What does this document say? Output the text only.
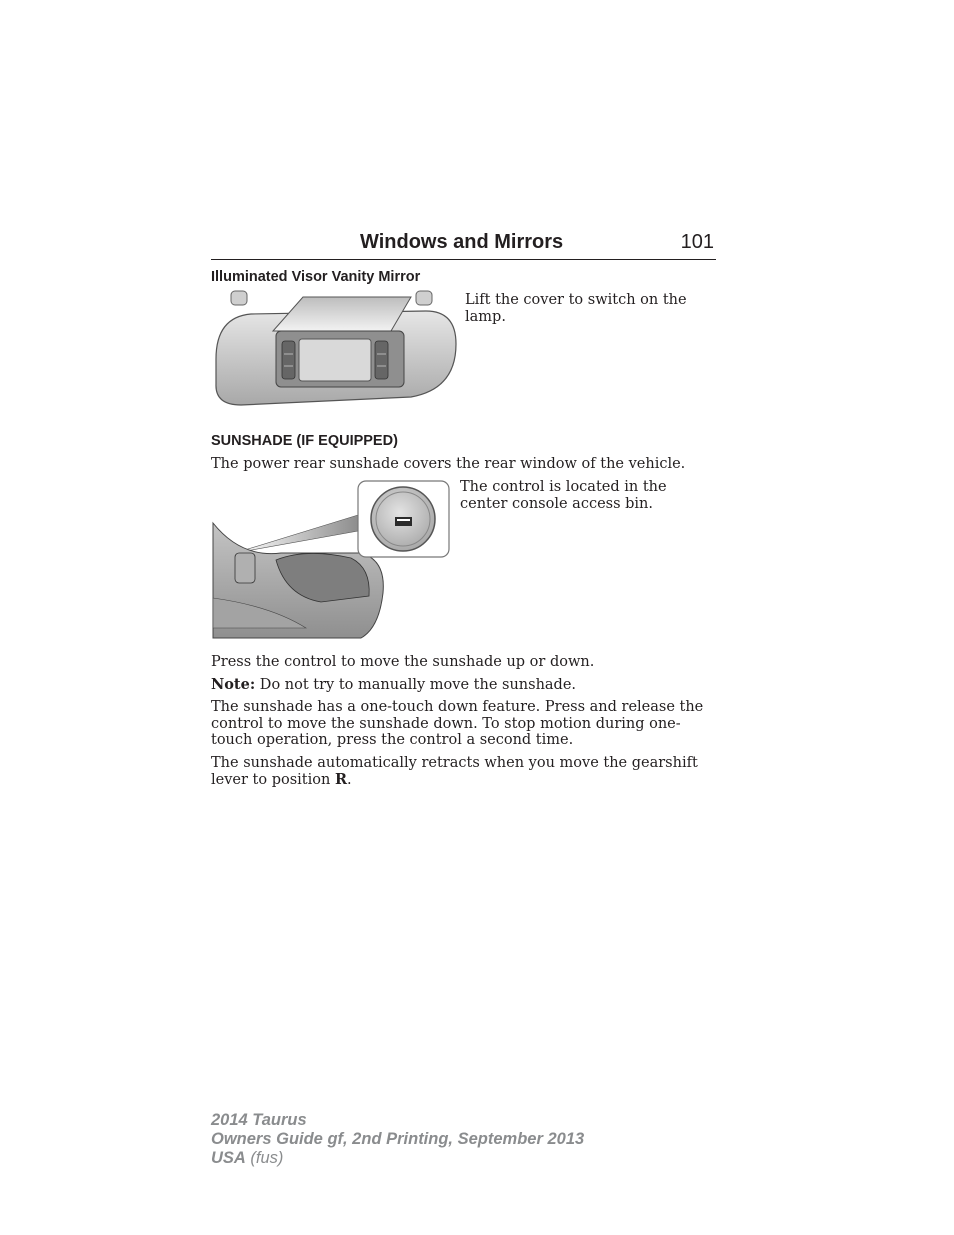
Windows and Mirrors	101
Illuminated Visor Vanity Mirror
Lift the cover to switch on the lamp.
SUNSHADE (IF EQUIPPED)
The power rear sunshade covers the rear window of the vehicle.
The control is located in the center console access bin.
Press the control to move the sunshade up or down.
Note: Do not try to manually move the sunshade.
The sunshade has a one-touch down feature. Press and release the control to move the sunshade down. To stop motion during one-touch operation, press the control a second time.
The sunshade automatically retracts when you move the gearshift lever to position R.
2014 Taurus
Owners Guide gf, 2nd Printing, September 2013
USA (fus)
